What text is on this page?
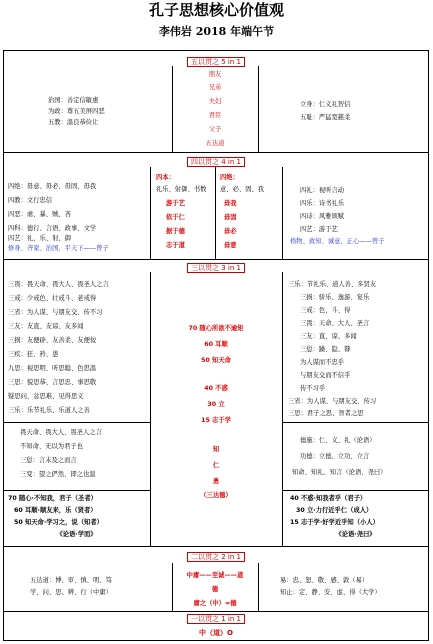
孔子思想核心价值观
李伟岩 2018 年端午节
五以贯之 5 in 1
朋友
兄弟
夫妇
君臣
父子
五达道
治国：善定信敏惠
为政：尊五美屏四恶
五教：温良恭俭让
立身：仁义礼智信
五耻：严猛宽慈柔
四以贯之 4 in 1
四绝：毋意、毋必、毋固、毋我
四教：文行忠信
四恶：虐、暴、贼、吝
四科：德行、言语、政事、文学
四艺：礼、乐、射、御
修身、齐家、治国、平天下——曾子
四本：
礼乐、射御、书数
游于艺
依于仁
据于德
志于道
四绝：
意、必、固、我
毋我
毋固
毋必
毋意
四礼：视听言动
四乐：诗书礼乐
四诗：风雅颂赋
四艺：游于艺
格物、致知、诚意、正心——曾子
三以贯之 3 in 1
三畏：畏天命、畏大人、畏圣人之言
三戒：少戒色、壮戒斗、老戒得
三省：为人谋、与朋友交、传不习
三友：友直、友谅、友多闻
三损：友便辟、友善柔、友便佞
三疾：狂、矜、愚
九思：视思明、听思聪、色思温
三思：貌思恭、言思忠、事思敬
疑思问、忿思难、见得思义
三乐：乐节礼乐、乐道人之善
畏天命、畏大人、畏圣人之言
不知命、无以为君子也
三愆：言未及之而言
三变：望之俨然、即之也温
70 随心·不知我，君子（圣者）
60 耳顺·顺友来，乐（贤者）
50 知天命·学习之，说（知者）
《论语·学而》
70 随心所欲不逾矩
60 耳顺
50 知天命
40 不惑
30 立
15 志于学
知
仁
勇
（三达德）
三乐：节礼乐、道人善、多贤友
三损：骄乐、逸游、宴乐
三戒：色、斗、得
三畏：天命、大人、圣言
三友：直、谅、多闻
三愆：躁、隐、瞽
为人谋而不忠乎
与朋友交而不信乎
传不习乎
三省：为人谋、与朋友交、传习
三思：君子之思、智者之思
德施：仁、义、礼（论语）
功德：立德、立功、立言
知命、知礼、知言（论语、尧曰）
40 不惑·知我者乎（君子）
30 立·力行近乎仁（成人）
15 志于学·好学近乎知（小人）
《论语·尧曰》
二以贯之 2 in 1
五达道：博、审、慎、明、笃
学、问、思、辨、行（中庸）
中庸——至诚——道
德
庸之（中）=德
易：忠、恕、敬、感、敦（易）
知止：定、静、安、虑、得（大学）
一以贯之 1 in 1
中（道）O
